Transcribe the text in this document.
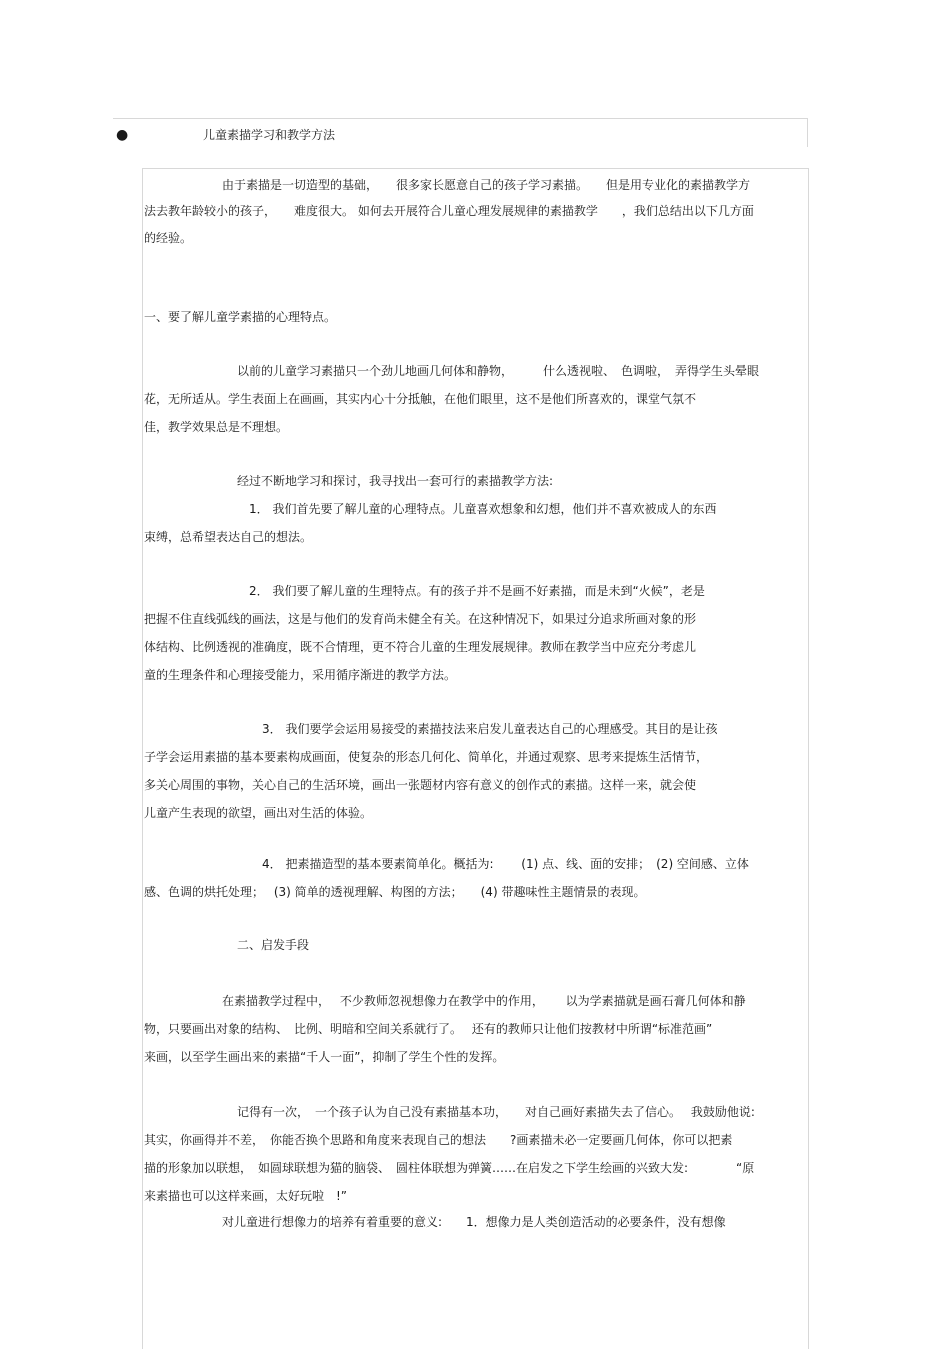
●	儿童素描学习和教学方法
由于素描是一切造型的基础，　　很多家长愿意自己的孩子学习素描。　　但是用专业化的素描教学方
法去教年龄较小的孩子，　　难度很大。 如何去开展符合儿童心理发展规律的素描教学　　，我们总结出以下几方面
的经验。
一、要了解儿童学素描的心理特点。
以前的儿童学习素描只一个劲儿地画几何体和静物，　　　什么透视啦、　色调啦，　弄得学生头晕眼
花，无所适从。学生表面上在画画，其实内心十分抵触，在他们眼里，这不是他们所喜欢的，课堂气氛不
佳，教学效果总是不理想。
经过不断地学习和探讨，我寻找出一套可行的素描教学方法:
1． 我们首先要了解儿童的心理特点。儿童喜欢想象和幻想，他们并不喜欢被成人的东西
束缚，总希望表达自己的想法。
2． 我们要了解儿童的生理特点。有的孩子并不是画不好素描，而是未到“火候”，老是
把握不住直线弧线的画法，这是与他们的发育尚未健全有关。在这种情况下，如果过分追求所画对象的形
体结构、比例透视的准确度，既不合情理，更不符合儿童的生理发展规律。教师在教学当中应充分考虑儿
童的生理条件和心理接受能力，采用循序渐进的教学方法。
3． 我们要学会运用易接受的素描技法来启发儿童表达自己的心理感受。其目的是让孩
子学会运用素描的基本要素构成画面，使复杂的形态几何化、简单化，并通过观察、思考来提炼生活情节，
多关心周围的事物，关心自己的生活环境，画出一张题材内容有意义的创作式的素描。这样一来，就会使
儿童产生表现的欲望，画出对生活的体验。
4． 把素描造型的基本要素简单化。概括为:　　 (1) 点、线、面的安排；　(2) 空间感、立体
感、色调的烘托处理；　 (3) 简单的透视理解、构图的方法；　　(4) 带趣味性主题情景的表现。
二、启发手段
在素描教学过程中，　 不少教师忽视想像力在教学中的作用，　　 以为学素描就是画石膏几何体和静
物，只要画出对象的结构、　比例、明暗和空间关系就行了。　 还有的教师只让他们按教材中所谓“标准范画”
来画，以至学生画出来的素描“千人一面”，抑制了学生个性的发挥。
记得有一次，　一个孩子认为自己没有素描基本功，　　对自己画好素描失去了信心。　 我鼓励他说:
其实，你画得并不差，　你能否换个思路和角度来表现自己的想法　　?画素描未必一定要画几何体，你可以把素
描的形象加以联想，　如圆球联想为猫的脑袋、　圆柱体联想为弹簧……在启发之下学生绘画的兴致大发:　　　　“原
来素描也可以这样来画，太好玩啦　!”
对儿童进行想像力的培养有着重要的意义:　　1．想像力是人类创造活动的必要条件，没有想像
